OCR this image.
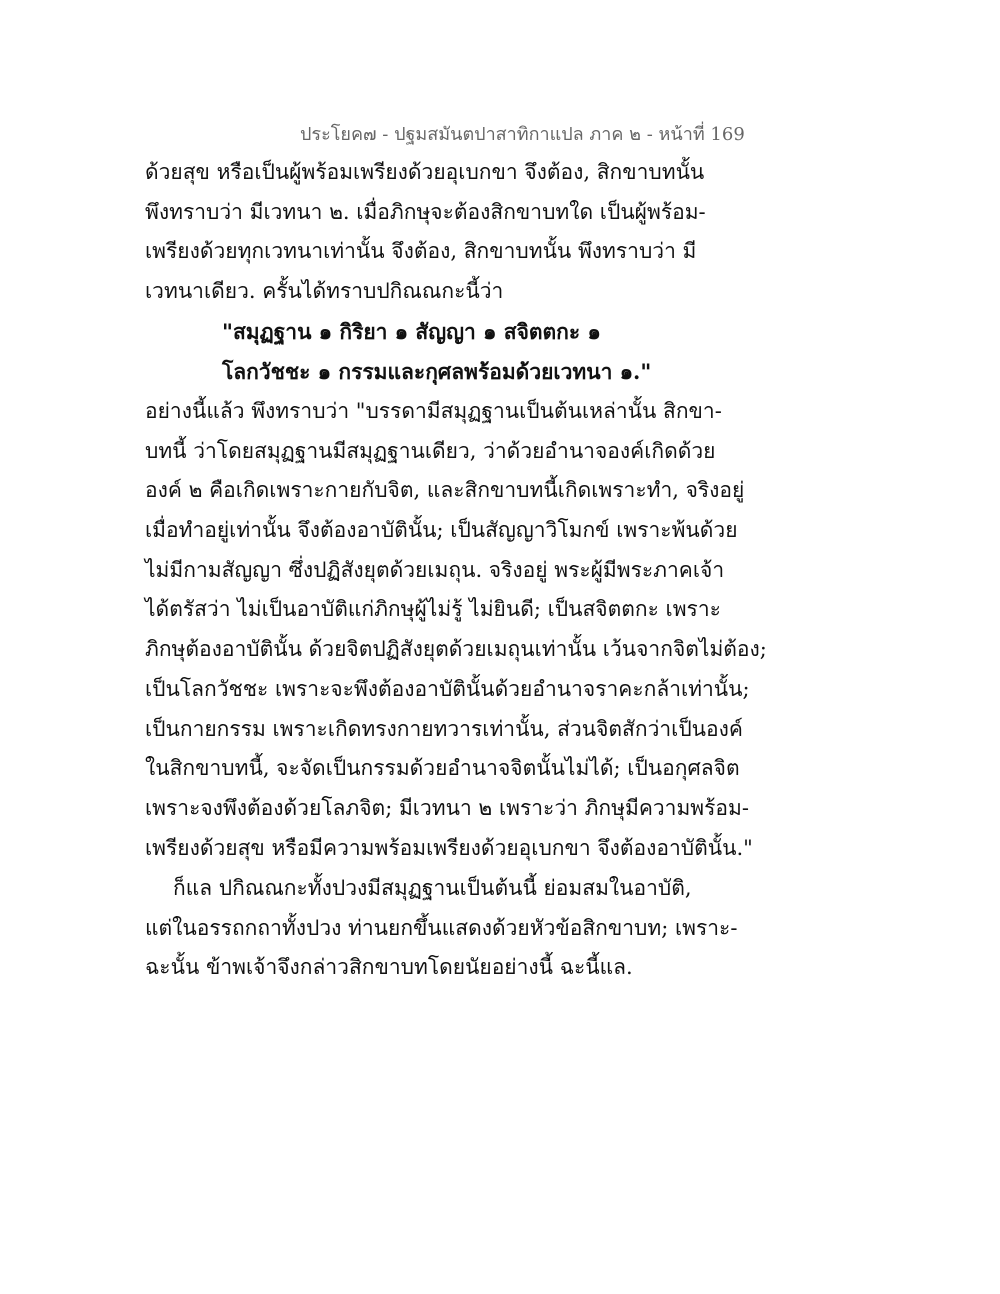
ประโยค๗ - ปฐมสมันตปาสาทิกาแปล ภาค ๒ - หน้าที่ 169
ด้วยสุข หรือเป็นผู้พร้อมเพรียงด้วยอุเบกขา จึงต้อง, สิกขาบทนั้น
พึงทราบว่า มีเวทนา ๒. เมื่อภิกษุจะต้องสิกขาบทใด เป็นผู้พร้อม-
เพรียงด้วยทุกเวทนาเท่านั้น จึงต้อง, สิกขาบทนั้น พึงทราบว่า มี
เวทนาเดียว. ครั้นได้ทราบปกิณณกะนี้ว่า
"สมุฏฐาน ๑ กิริยา ๑ สัญญา ๑ สจิตตกะ ๑
โลกวัชชะ ๑ กรรมและกุศลพร้อมด้วยเวทนา ๑."
อย่างนี้แล้ว พึงทราบว่า "บรรดามีสมุฏฐานเป็นต้นเหล่านั้น สิกขา-
บทนี้ ว่าโดยสมุฏฐานมีสมุฏฐานเดียว, ว่าด้วยอำนาจองค์เกิดด้วย
องค์ ๒ คือเกิดเพราะกายกับจิต, และสิกขาบทนี้เกิดเพราะทำ, จริงอยู่
เมื่อทำอยู่เท่านั้น จึงต้องอาบัตินั้น; เป็นสัญญาวิโมกข์ เพราะพ้นด้วย
ไม่มีกามสัญญา ซึ่งปฏิสังยุตด้วยเมถุน. จริงอยู่ พระผู้มีพระภาคเจ้า
ได้ตรัสว่า ไม่เป็นอาบัติแก่ภิกษุผู้ไม่รู้ ไม่ยินดี; เป็นสจิตตกะ เพราะ
ภิกษุต้องอาบัตินั้น ด้วยจิตปฏิสังยุตด้วยเมถุนเท่านั้น เว้นจากจิตไม่ต้อง;
เป็นโลกวัชชะ เพราะจะพึงต้องอาบัตินั้นด้วยอำนาจราคะกล้าเท่านั้น;
เป็นกายกรรม เพราะเกิดทรงกายทวารเท่านั้น, ส่วนจิตสักว่าเป็นองค์
ในสิกขาบทนี้, จะจัดเป็นกรรมด้วยอำนาจจิตนั้นไม่ได้; เป็นอกุศลจิต
เพราะจงพึงต้องด้วยโลภจิต; มีเวทนา ๒ เพราะว่า ภิกษุมีความพร้อม-
เพรียงด้วยสุข หรือมีความพร้อมเพรียงด้วยอุเบกขา จึงต้องอาบัตินั้น."
ก็แล ปกิณณกะทั้งปวงมีสมุฏฐานเป็นต้นนี้ ย่อมสมในอาบัติ,
แต่ในอรรถกถาทั้งปวง ท่านยกขึ้นแสดงด้วยหัวข้อสิกขาบท; เพราะ-
ฉะนั้น ข้าพเจ้าจึงกล่าวสิกขาบทโดยนัยอย่างนี้ ฉะนี้แล.
